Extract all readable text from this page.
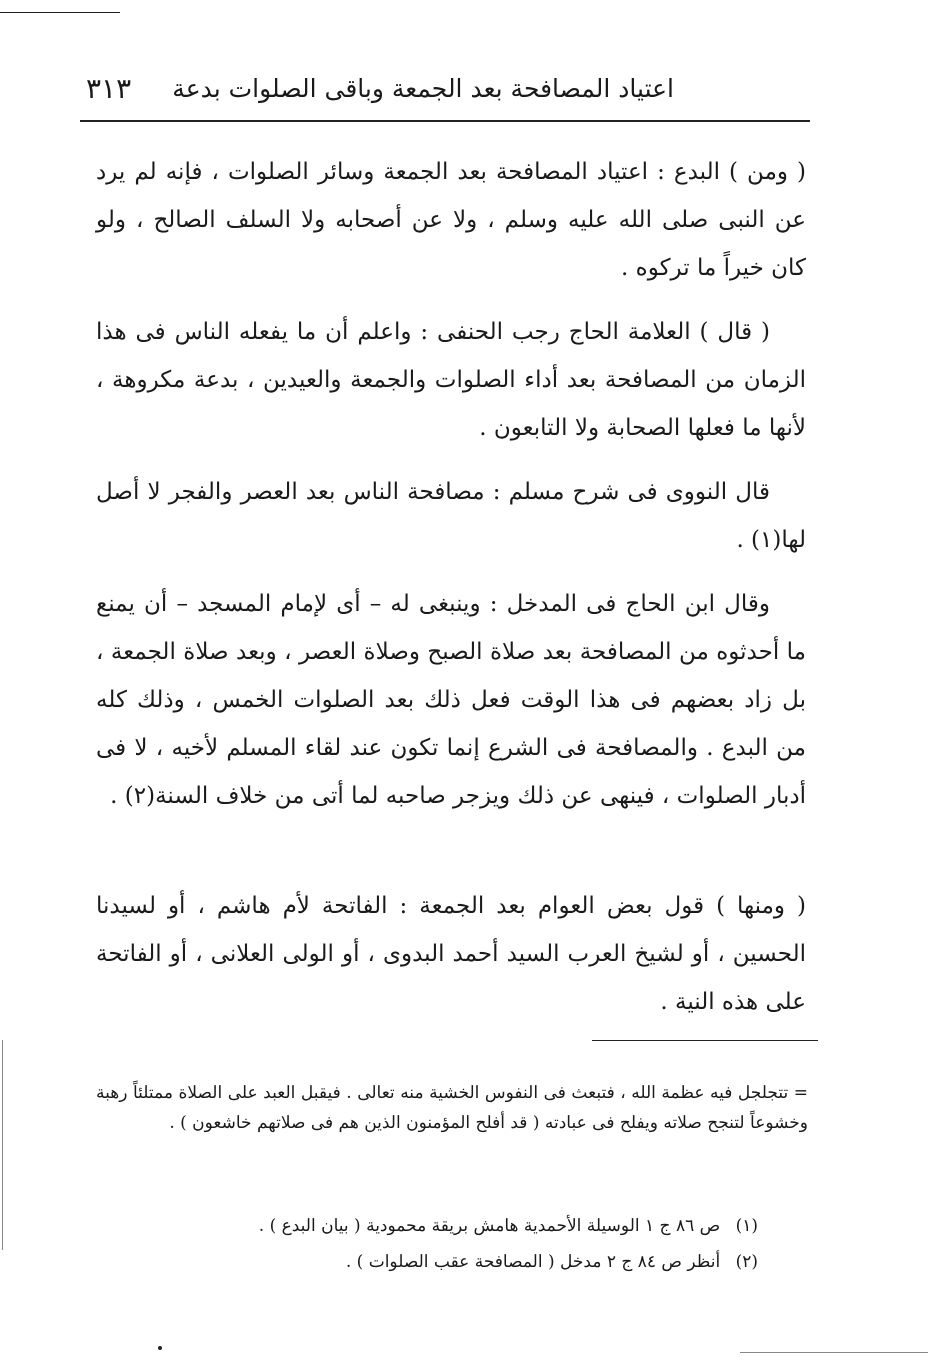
٣١٣ اعتياد المصافحة بعد الجمعة وباقى الصلوات بدعة

( ومن ) البدع : اعتياد المصافحة بعد الجمعة وسائر الصلوات ، فإنه لم يرد عن النبى صلى الله عليه وسلم ، ولا عن أصحابه ولا السلف الصالح ، ولو كان خيراً ما تركوه .

( قال ) العلامة الحاج رجب الحنفى : واعلم أن ما يفعله الناس فى هذا الزمان من المصافحة بعد أداء الصلوات والجمعة والعيدين ، بدعة مكروهة ، لأنها ما فعلها الصحابة ولا التابعون .

قال النووى فى شرح مسلم : مصافحة الناس بعد العصر والفجر لا أصل لها(١) .

وقال ابن الحاج فى المدخل : وينبغى له – أى لإمام المسجد – أن يمنع ما أحدثوه من المصافحة بعد صلاة الصبح وصلاة العصر ، وبعد صلاة الجمعة ، بل زاد بعضهم فى هذا الوقت فعل ذلك بعد الصلوات الخمس ، وذلك كله من البدع . والمصافحة فى الشرع إنما تكون عند لقاء المسلم لأخيه ، لا فى أدبار الصلوات ، فينهى عن ذلك ويزجر صاحبه لما أتى من خلاف السنة(٢) .

( ومنها ) قول بعض العوام بعد الجمعة : الفاتحة لأم هاشم ، أو لسيدنا الحسين ، أو لشيخ العرب السيد أحمد البدوى ، أو الولى العلانى ، أو الفاتحة على هذه النية .

= تتجلجل فيه عظمة الله ، فتبعث فى النفوس الخشية منه تعالى . فيقبل العبد على الصلاة ممتلئاً رهبة وخشوعاً لتنجح صلاته ويفلح فى عبادته ( قد أفلح المؤمنون الذين هم فى صلاتهم خاشعون ) .
(١) ص ٨٦ ج ١ الوسيلة الأحمدية هامش بريقة محمودية ( بيان البدع ) .
(٢) أنظر ص ٨٤ ج ٢ مدخل ( المصافحة عقب الصلوات ) .
